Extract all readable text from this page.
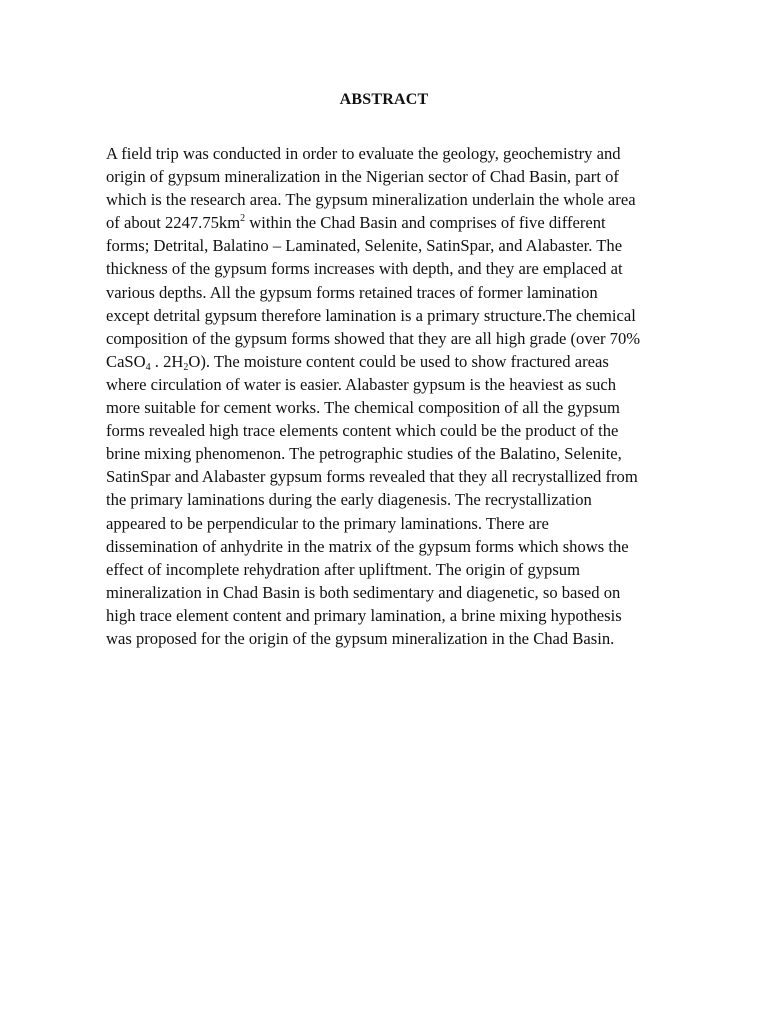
ABSTRACT
A field trip was conducted in order to evaluate the geology, geochemistry and
origin of gypsum mineralization in the Nigerian sector of Chad Basin, part of
which is the research area. The gypsum mineralization underlain the whole area
of about $2247.75km^2$ within the Chad Basin and comprises of five different
forms; Detrital, Balatino – Laminated, Selenite, SatinSpar, and Alabaster. The
thickness of the gypsum forms increases with depth, and they are emplaced at
various depths. All the gypsum forms retained traces of former lamination
except detrital gypsum therefore lamination is a primary structure.The chemical
composition of the gypsum forms showed that they are all high grade (over 70%
CaSO$_4$ . $2H_2O$). The moisture content could be used to show fractured areas
where circulation of water is easier. Alabaster gypsum is the heaviest as such
more suitable for cement works. The chemical composition of all the gypsum
forms revealed high trace elements content which could be the product of the
brine mixing phenomenon. The petrographic studies of the Balatino, Selenite,
SatinSpar and Alabaster gypsum forms revealed that they all recrystallized from
the primary laminations during the early diagenesis. The recrystallization
appeared to be perpendicular to the primary laminations. There are
dissemination of anhydrite in the matrix of the gypsum forms which shows the
effect of incomplete rehydration after upliftment. The origin of gypsum
mineralization in Chad Basin is both sedimentary and diagenetic, so based on
high trace element content and primary lamination, a brine mixing hypothesis
was proposed for the origin of the gypsum mineralization in the Chad Basin.
